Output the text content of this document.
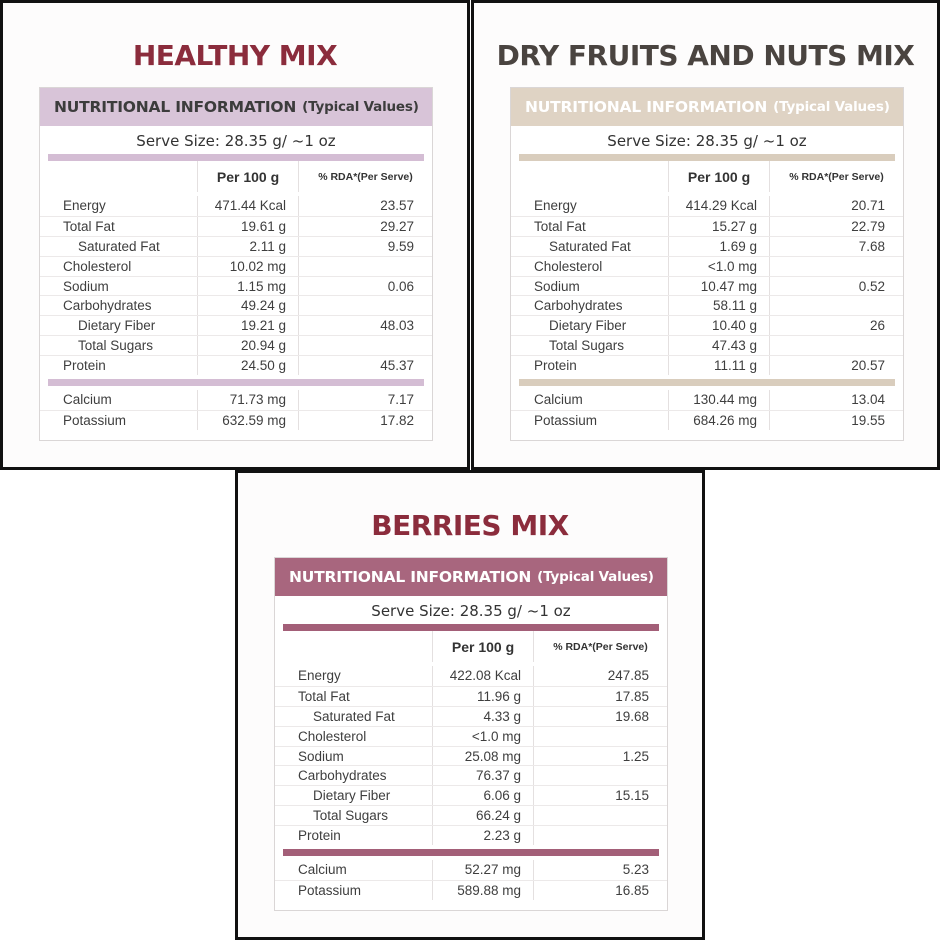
HEALTHY MIX
NUTRITIONAL INFORMATION (Typical Values)
Serve Size: 28.35 g/ ~1 oz
Per 100 g	% RDA*(Per Serve)
Energy	471.44 Kcal	23.57
Total Fat	19.61 g	29.27
Saturated Fat	2.11 g	9.59
Cholesterol	10.02 mg
Sodium	1.15 mg	0.06
Carbohydrates	49.24 g
Dietary Fiber	19.21 g	48.03
Total Sugars	20.94 g
Protein	24.50 g	45.37
Calcium	71.73 mg	7.17
Potassium	632.59 mg	17.82
DRY FRUITS AND NUTS MIX
NUTRITIONAL INFORMATION (Typical Values)
Serve Size: 28.35 g/ ~1 oz
Per 100 g	% RDA*(Per Serve)
Energy	414.29 Kcal	20.71
Total Fat	15.27 g	22.79
Saturated Fat	1.69 g	7.68
Cholesterol	<1.0 mg
Sodium	10.47 mg	0.52
Carbohydrates	58.11 g
Dietary Fiber	10.40 g	26
Total Sugars	47.43 g
Protein	11.11 g	20.57
Calcium	130.44 mg	13.04
Potassium	684.26 mg	19.55
BERRIES MIX
NUTRITIONAL INFORMATION (Typical Values)
Serve Size: 28.35 g/ ~1 oz
Per 100 g	% RDA*(Per Serve)
Energy	422.08 Kcal	247.85
Total Fat	11.96 g	17.85
Saturated Fat	4.33 g	19.68
Cholesterol	<1.0 mg
Sodium	25.08 mg	1.25
Carbohydrates	76.37 g
Dietary Fiber	6.06 g	15.15
Total Sugars	66.24 g
Protein	2.23 g
Calcium	52.27 mg	5.23
Potassium	589.88 mg	16.85
